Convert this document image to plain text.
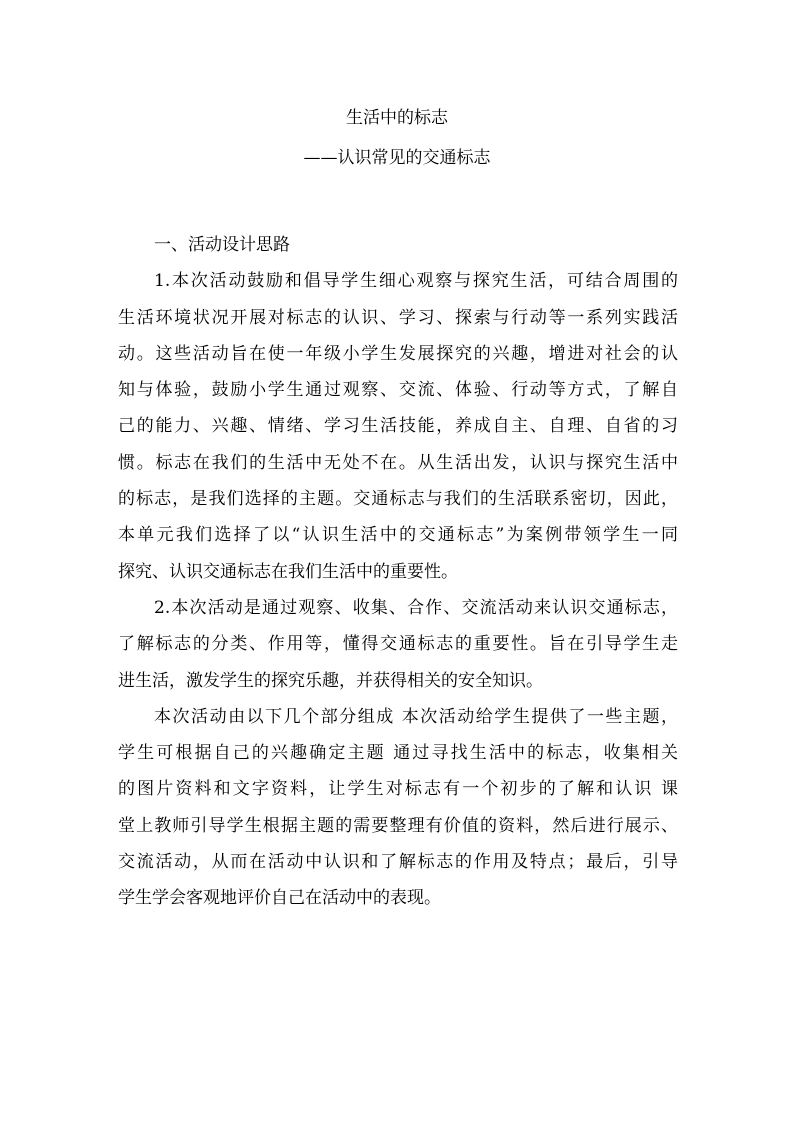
生活中的标志
——认识常见的交通标志
一、活动设计思路
1.本次活动鼓励和倡导学生细心观察与探究生活，可结合周围的
生活环境状况开展对标志的认识、学习、探索与行动等一系列实践活
动。这些活动旨在使一年级小学生发展探究的兴趣，增进对社会的认
知与体验，鼓励小学生通过观察、交流、体验、行动等方式，了解自
己的能力、兴趣、情绪、学习生活技能，养成自主、自理、自省的习
惯。标志在我们的生活中无处不在。从生活出发，认识与探究生活中
的标志，是我们选择的主题。交通标志与我们的生活联系密切，因此，
本单元我们选择了以“认识生活中的交通标志”为案例带领学生一同
探究、认识交通标志在我们生活中的重要性。
2.本次活动是通过观察、收集、合作、交流活动来认识交通标志，
了解标志的分类、作用等，懂得交通标志的重要性。旨在引导学生走
进生活，激发学生的探究乐趣，并获得相关的安全知识。
本次活动由以下几个部分组成 本次活动给学生提供了一些主题，
学生可根据自己的兴趣确定主题 通过寻找生活中的标志，收集相关
的图片资料和文字资料，让学生对标志有一个初步的了解和认识 课
堂上教师引导学生根据主题的需要整理有价值的资料，然后进行展示、
交流活动，从而在活动中认识和了解标志的作用及特点；最后，引导
学生学会客观地评价自己在活动中的表现。
